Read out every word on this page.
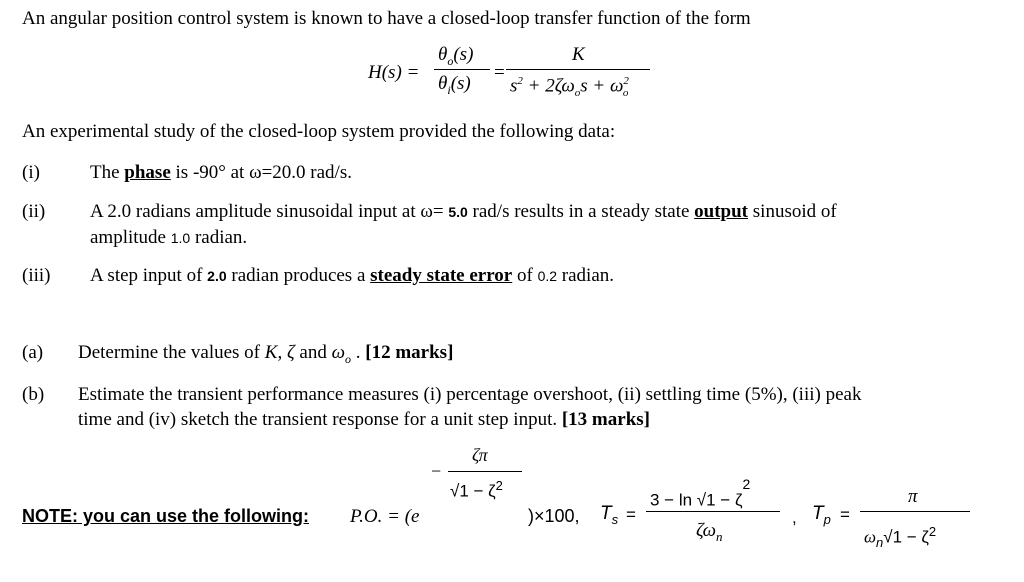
An angular position control system is known to have a closed-loop transfer function of the form
H(s) =
$\theta_o(s)$
$\theta_i(s)$
=
K
$s^2 + 2\zeta\omega_os + \omega^2_o$
An experimental study of the closed-loop system provided the following data:
(i)	The phase is -90° at ω=20.0 rad/s.
(ii) A 2.0 radians amplitude sinusoidal input at ω= 5.0 rad/s results in a steady state output sinusoid of
amplitude 1.0 radian.
(iii) A step input of 2.0 radian produces a steady state error of 0.2 radian.
(a) Determine the values of K, ζ and $\omega_o$ . [12 marks]
(b) Estimate the transient performance measures (i) percentage overshoot, (ii) settling time (5%), (iii) peak
time and (iv) sketch the transient response for a unit step input. [13 marks]
NOTE: you can use the following: P.O. = (e
−
ζπ
$√1 - \zeta^2$
)×100, $T_s$ =
$3 - \ln √1 - \zeta^2$
$\zeta\omega_n$
, $T_p$ =
π
$\omega_n√1 - \zeta^2$
